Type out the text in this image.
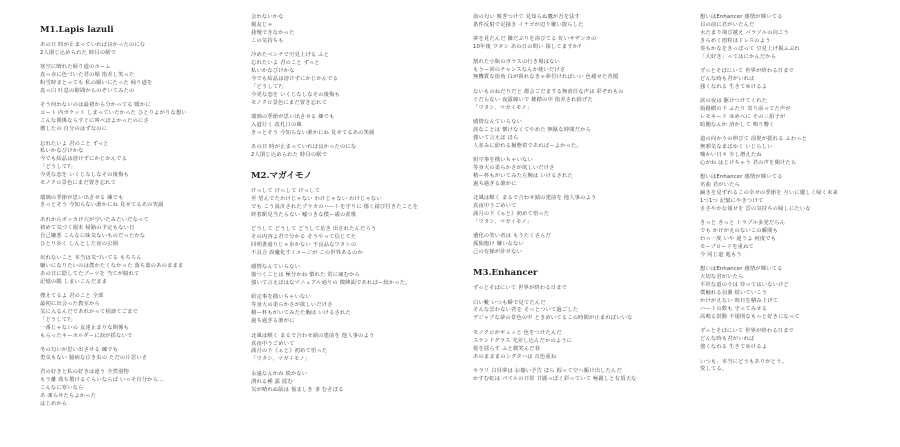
M1.Lapis lazuli
あの日 時が止まっていれば良かったのにな
2人閉じ込められた 時目の駅で
寒空に晴れた帰り道のホーム
真っ赤に色づいた君の頬 指差し笑った
粉雪時まとっても 私の願いにたった 帰り道を
真っ白 吐息の隙間からのぞいてみたの
そう何わないのは最初から分かってる 暖かに
コート 内ポケット しまっていたかった ひとりよがりな想い
こんな関係ならすぐに叫べばよかったのにさ
壊したの 自分のはずなのに
忘れたいよ 君のこと ずっと
私いかなびけかな
今でも結晶は溶けずにかじかんでる
「どうして?」
今更な恋を いくじなしなその後悔も
モノクロ景色にまだ置き忘れて
瑠璃の季節が思い出させる 練でも
きっとそう 今知らない誰かにね 見せてるあの笑顔
あれからボッカけ穴が空いたみたいだなって
初めて気づく週末 帰路の予定もない日
自己嫌悪 こんなに味気ないものだったかな
ひとり歩く しんとした夜の公園
戻れないこと 本当は気づいてる もちろん
嫌いになりたいのは僕かたくなかった 落ち葉のあのままま
あの日に隠してたブーツを 当てが脳れて
記憶の隅 しまいこんだまま
捜えてるよ 君のこと 全部
最初に出会った教室から
気に入るんだであれかって相談てごまで
「どうして?」
一番じゃないの 友達止まりな関係も
もらったキーホルダーに涙が揺ないで
冬の匂いが思い出させる 練でも
勇気もない 臆病な泣き虫の ただの片思いさ
君の好きと私の好きは違う 全然別物
もう離 落ち製けるぐらいならば いっそ自分から...
こんなに寒いなら
あ 凍らせたらよかった
はじめから
会わないかな
親友じゃ
我慢できなかった
この気持ちも
冷めたベンチで空見上げる ふと
忘れたいよ 君のこと ずっと
私いかなびけかな
今でも結晶は溶けずにかじかんでる
「どうして?」
今更な恋を いくじなしなその後悔も
モノクロ景色にまだ置き忘れて
瑠璃の季節が思い出させる 練でも
入道行く 改札口の風
きっとそう 今知らない誰かにね 見せてるあの笑顔
あの日 時が止まっていれば良かったのにな
2人閉じ込められた 時目の駅で
M2.マガイモノ
けっして けっして けっして
至 望んでたわけじゃない わけじゃない わけじゃない
でも こう設計されたプラカのハートを守りに 傷く錆び付きたことを
終着駅見当たらない 嘘つきな僕ー歳の羨歌
どうして どうして どうして星き 出されたんだろう
その内容よ君で分かる そうやって信じてた
回明書通りじゃ歩かない 不良品なワタシの
不具合 誤魔化すイメージが この世界あるのか
感情なんていらない
傷つくことは 極分かね 慣れた 常に痛むから
強いて言えばはなマニュアル通りの 微陣面であればー紋かった。
紐定事を描いちゃいない
等身大の柔らかさが欲しいだけさ
積ー杯もがいてみたた胸は いけるされた
過ち過ぎる誰がに
北風は喉く まるで合わせ錆の建前を 他人事のよう
真夜中うごめいて
満月の下《ぁと》初めて悟った
「ワタシ、マガイモノ」
永遠なんかね 続かない
湧れる種 露 揺む
気が晴れぬ版は 悩ましき 亊 むさぼる
血の匂い 嗅ぎつけて 見知らぬ鷹が吾を法す
条件反射で足掻き イナゴが辺り覆い散らした
夢を見たんだ 隣だぶりを浴びてる 紅いサザンカの
10年後 ワタシ あの日の問い 探してますか?
割れた小瓶のガラスの行き場はない
もうー回のチャンスなんか使いだけさ
無機質な街角 白が暮れなきゃ夢付ければいい 色褪せた青閣
ないものねだりだと 都会ごだまする無責任な声は 彩ぞれもの
ぐだらない 夜露線いで 雑踏の中 指差され紛げた
「ワタシ、マガイモノ」
感情なんていらない
涙なことは 懐けなくてやめた 無駄な時間だから
強いて言えば ほら
人並みに紛れる擬態着であればーよかった。
組空事を描いちゃいない
等身大の柔らかさが欲しいだけさ
精ー杯もがいてみた左腕は いけるされた
過ち過ぎる誰がに
北風は喉く まるで合わせ錆の建前を 他人事のよう
真夜中うごめいて
満月の下《ぁと》初めて悟った
「ワタシ、マガイモノ」
遺化の笑い者は もうたくさんだ
孤独抱け 嫌いなない
己の有様が許せない
M3.Enhancer
ずっとそばにいて 世界が終わる日まで
白い靴 いつも瞬で見てたんだ
そんな雲わない背を そっとついて過ごした
デジャブな夢の景色の中 ときめいてるこの時間が止まればいいな
モノクロがギュッと 色をつけたんだ
ステンドグラス 光差し込んだかのように
髪を揺らす ふと微笑んだ春
あのまままのングタハは 音色重ね
キラリ 白昼夢は お揃い予告 ほら 握って空へ駆け出したんだ
かすむ虹は パズルの日常 甘麗っぽく彩っていて 極麗しと有頂天な
想いはEnhancer 感情が輝いてる
目の前に君がいたんだ
水たまり飛び越え バラソルの向こう
きらめく雨粒はドレスのよう
奏もかなをきっぱって 空見上げ掲ふぶれ
「大好き」ってはにかんだから
ずっとそばにいて 世界が終わる日まで
どんな時も君がいれば
強くなれる 生きてゆけるよ
涙の夜は 駆けつけてくれた
街路樹の下 ふたり 寄り添ってた声が
レモネード ゆめぺに その三拍子が
暗闇なんか 溶かして 鳴り響く
道の向かうの伸びて 前髪が揺れる ふわっと
無邪気なまばゆく いじらしい
噛かい日々 少し増えたね
心がね はじけちゃう 君の声を聞けたら
想いはEnhancer 感情が輝いてる
名曲 君がいたら
踊きを見ずれるこの幸せの季節を 互いに優しく帰く未来
1つ1つ 記憶にやきつけて
ささやかな報せを 雲の気持ちの帰しにたいな
きっと きっと トラブル多発だらん
でも かけがえのないこの瞬間も
わっ一度 いや 違うよ 何度でも
モーブロードを重ねて
今 同じ道 進もう
想いはEnhancer 感情が輝いてる
大切な君がいたら
平坦な道のりは 待ってはいないけど
僕触れる羽翼 続いていこう
かけがえない 時日を積み上げて
ハートの数も 守ってみせる
高鳴る鼓動 不規則なもっと好きになって
ずっとそばにいて 世界が終わる日まで
どんな時も君がいれば
強くなれる 生きてゆけるよ
いつも、本当にどうもありがとう。
愛してる。
